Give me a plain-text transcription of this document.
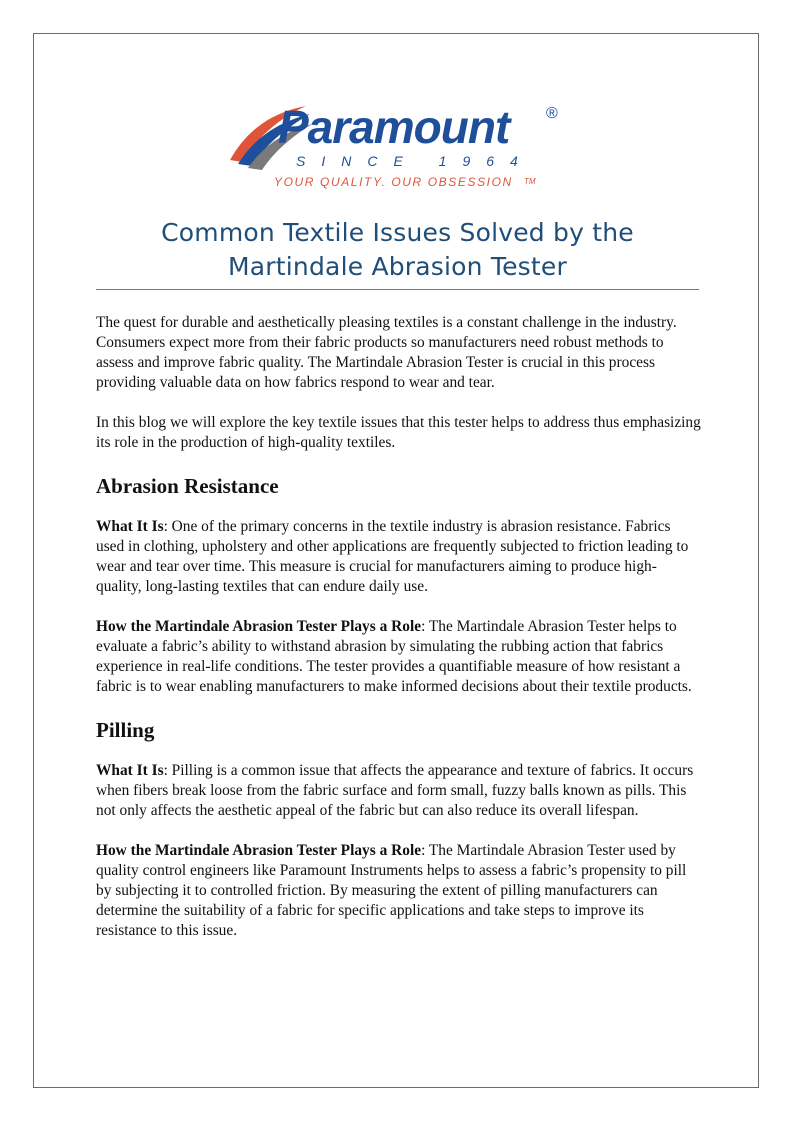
Paramount ®
SINCE 1964
YOUR QUALITY. OUR OBSESSION TM
Common Textile Issues Solved by the
Martindale Abrasion Tester

The quest for durable and aesthetically pleasing textiles is a constant challenge in the industry. Consumers expect more from their fabric products so manufacturers need robust methods to assess and improve fabric quality. The Martindale Abrasion Tester is crucial in this process providing valuable data on how fabrics respond to wear and tear.

In this blog we will explore the key textile issues that this tester helps to address thus emphasizing its role in the production of high-quality textiles.

Abrasion Resistance

What It Is: One of the primary concerns in the textile industry is abrasion resistance. Fabrics used in clothing, upholstery and other applications are frequently subjected to friction leading to wear and tear over time. This measure is crucial for manufacturers aiming to produce high-quality, long-lasting textiles that can endure daily use.

How the Martindale Abrasion Tester Plays a Role: The Martindale Abrasion Tester helps to evaluate a fabric’s ability to withstand abrasion by simulating the rubbing action that fabrics experience in real-life conditions. The tester provides a quantifiable measure of how resistant a fabric is to wear enabling manufacturers to make informed decisions about their textile products.

Pilling

What It Is: Pilling is a common issue that affects the appearance and texture of fabrics. It occurs when fibers break loose from the fabric surface and form small, fuzzy balls known as pills. This not only affects the aesthetic appeal of the fabric but can also reduce its overall lifespan.

How the Martindale Abrasion Tester Plays a Role: The Martindale Abrasion Tester used by quality control engineers like Paramount Instruments helps to assess a fabric’s propensity to pill by subjecting it to controlled friction. By measuring the extent of pilling manufacturers can determine the suitability of a fabric for specific applications and take steps to improve its resistance to this issue.
